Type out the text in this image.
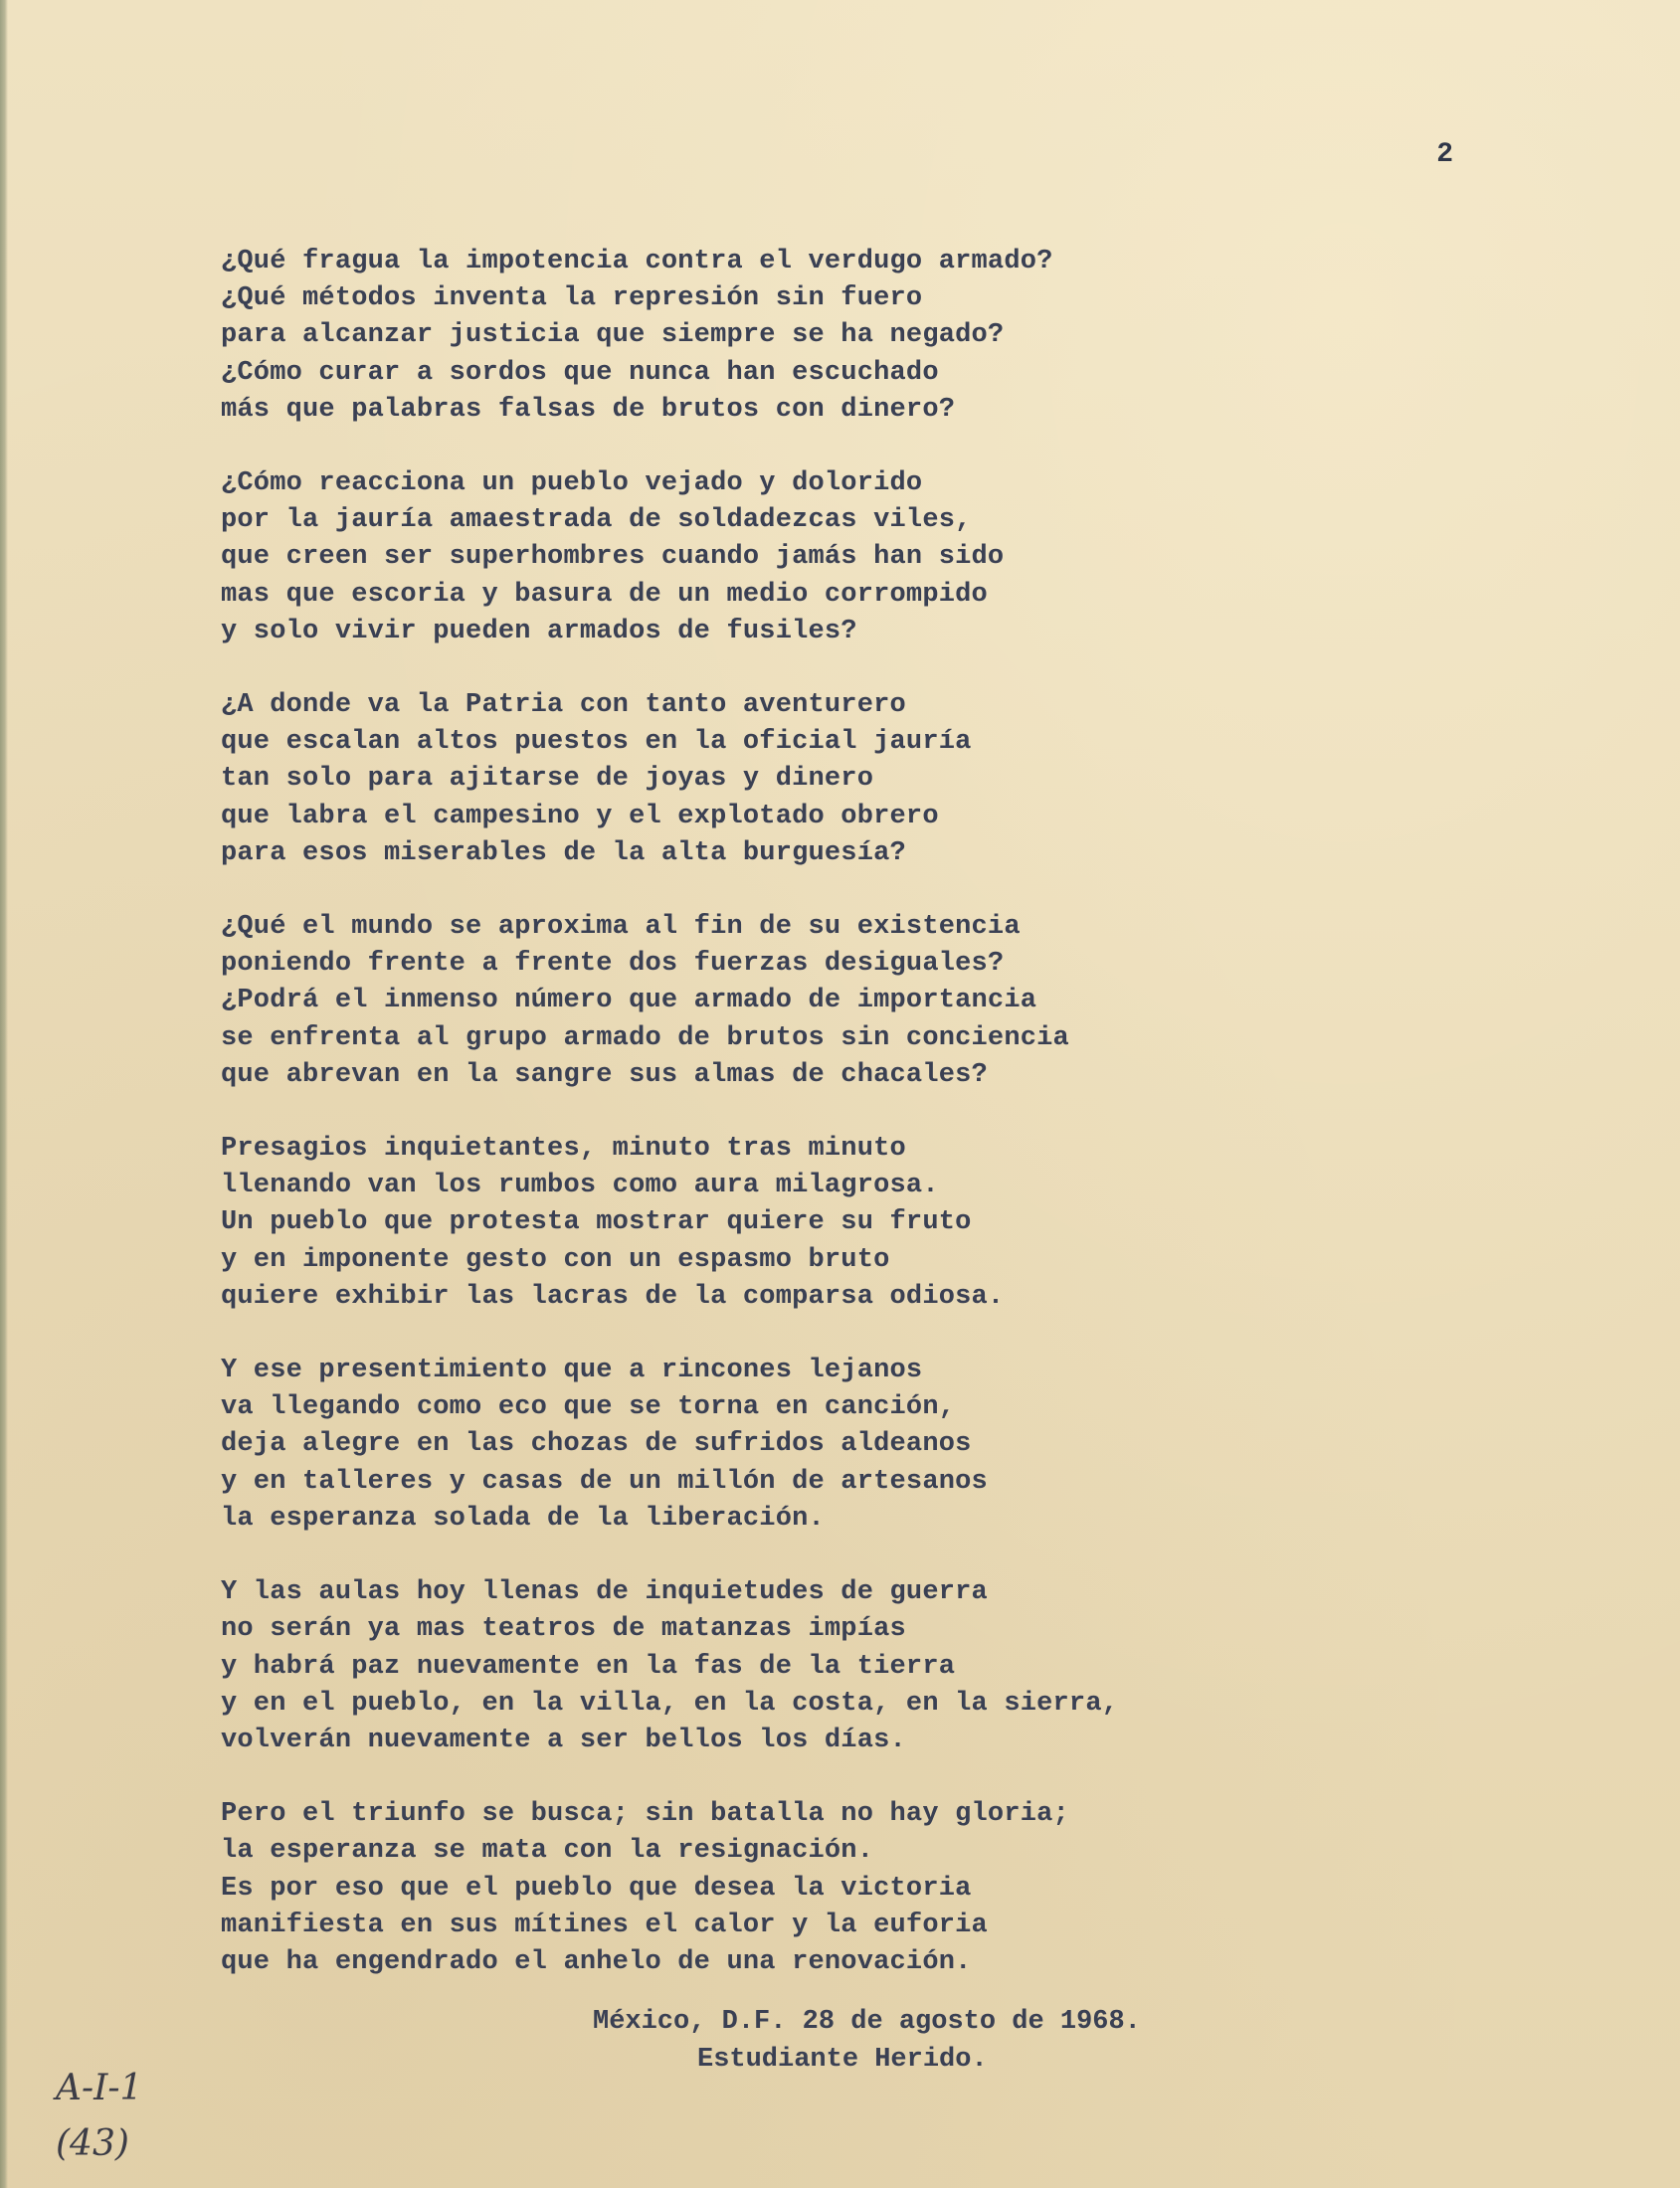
2
¿Qué fragua la impotencia contra el verdugo armado?
¿Qué métodos inventa la represión sin fuero
para alcanzar justicia que siempre se ha negado?
¿Cómo curar a sordos que nunca han escuchado
más que palabras falsas de brutos con dinero?
¿Cómo reacciona un pueblo vejado y dolorido
por la jauría amaestrada de soldadezcas viles,
que creen ser superhombres cuando jamás han sido
mas que escoria y basura de un medio corrompido
y solo vivir pueden armados de fusiles?
¿A donde va la Patria con tanto aventurero
que escalan altos puestos en la oficial jauría
tan solo para ajitarse de joyas y dinero
que labra el campesino y el explotado obrero
para esos miserables de la alta burguesía?
¿Qué el mundo se aproxima al fin de su existencia
poniendo frente a frente dos fuerzas desiguales?
¿Podrá el inmenso número que armado de importancia
se enfrenta al grupo armado de brutos sin conciencia
que abrevan en la sangre sus almas de chacales?
Presagios inquietantes, minuto tras minuto
llenando van los rumbos como aura milagrosa.
Un pueblo que protesta mostrar quiere su fruto
y en imponente gesto con un espasmo bruto
quiere exhibir las lacras de la comparsa odiosa.
Y ese presentimiento que a rincones lejanos
va llegando como eco que se torna en canción,
deja alegre en las chozas de sufridos aldeanos
y en talleres y casas de un millón de artesanos
la esperanza solada de la liberación.
Y las aulas hoy llenas de inquietudes de guerra
no serán ya mas teatros de matanzas impías
y habrá paz nuevamente en la fas de la tierra
y en el pueblo, en la villa, en la costa, en la sierra,
volverán nuevamente a ser bellos los días.
Pero el triunfo se busca; sin batalla no hay gloria;
la esperanza se mata con la resignación.
Es por eso que el pueblo que desea la victoria
manifiesta en sus mítines el calor y la euforia
que ha engendrado el anhelo de una renovación.
México, D.F. 28 de agosto de 1968.
Estudiante Herido.
A-I-1
(43)
